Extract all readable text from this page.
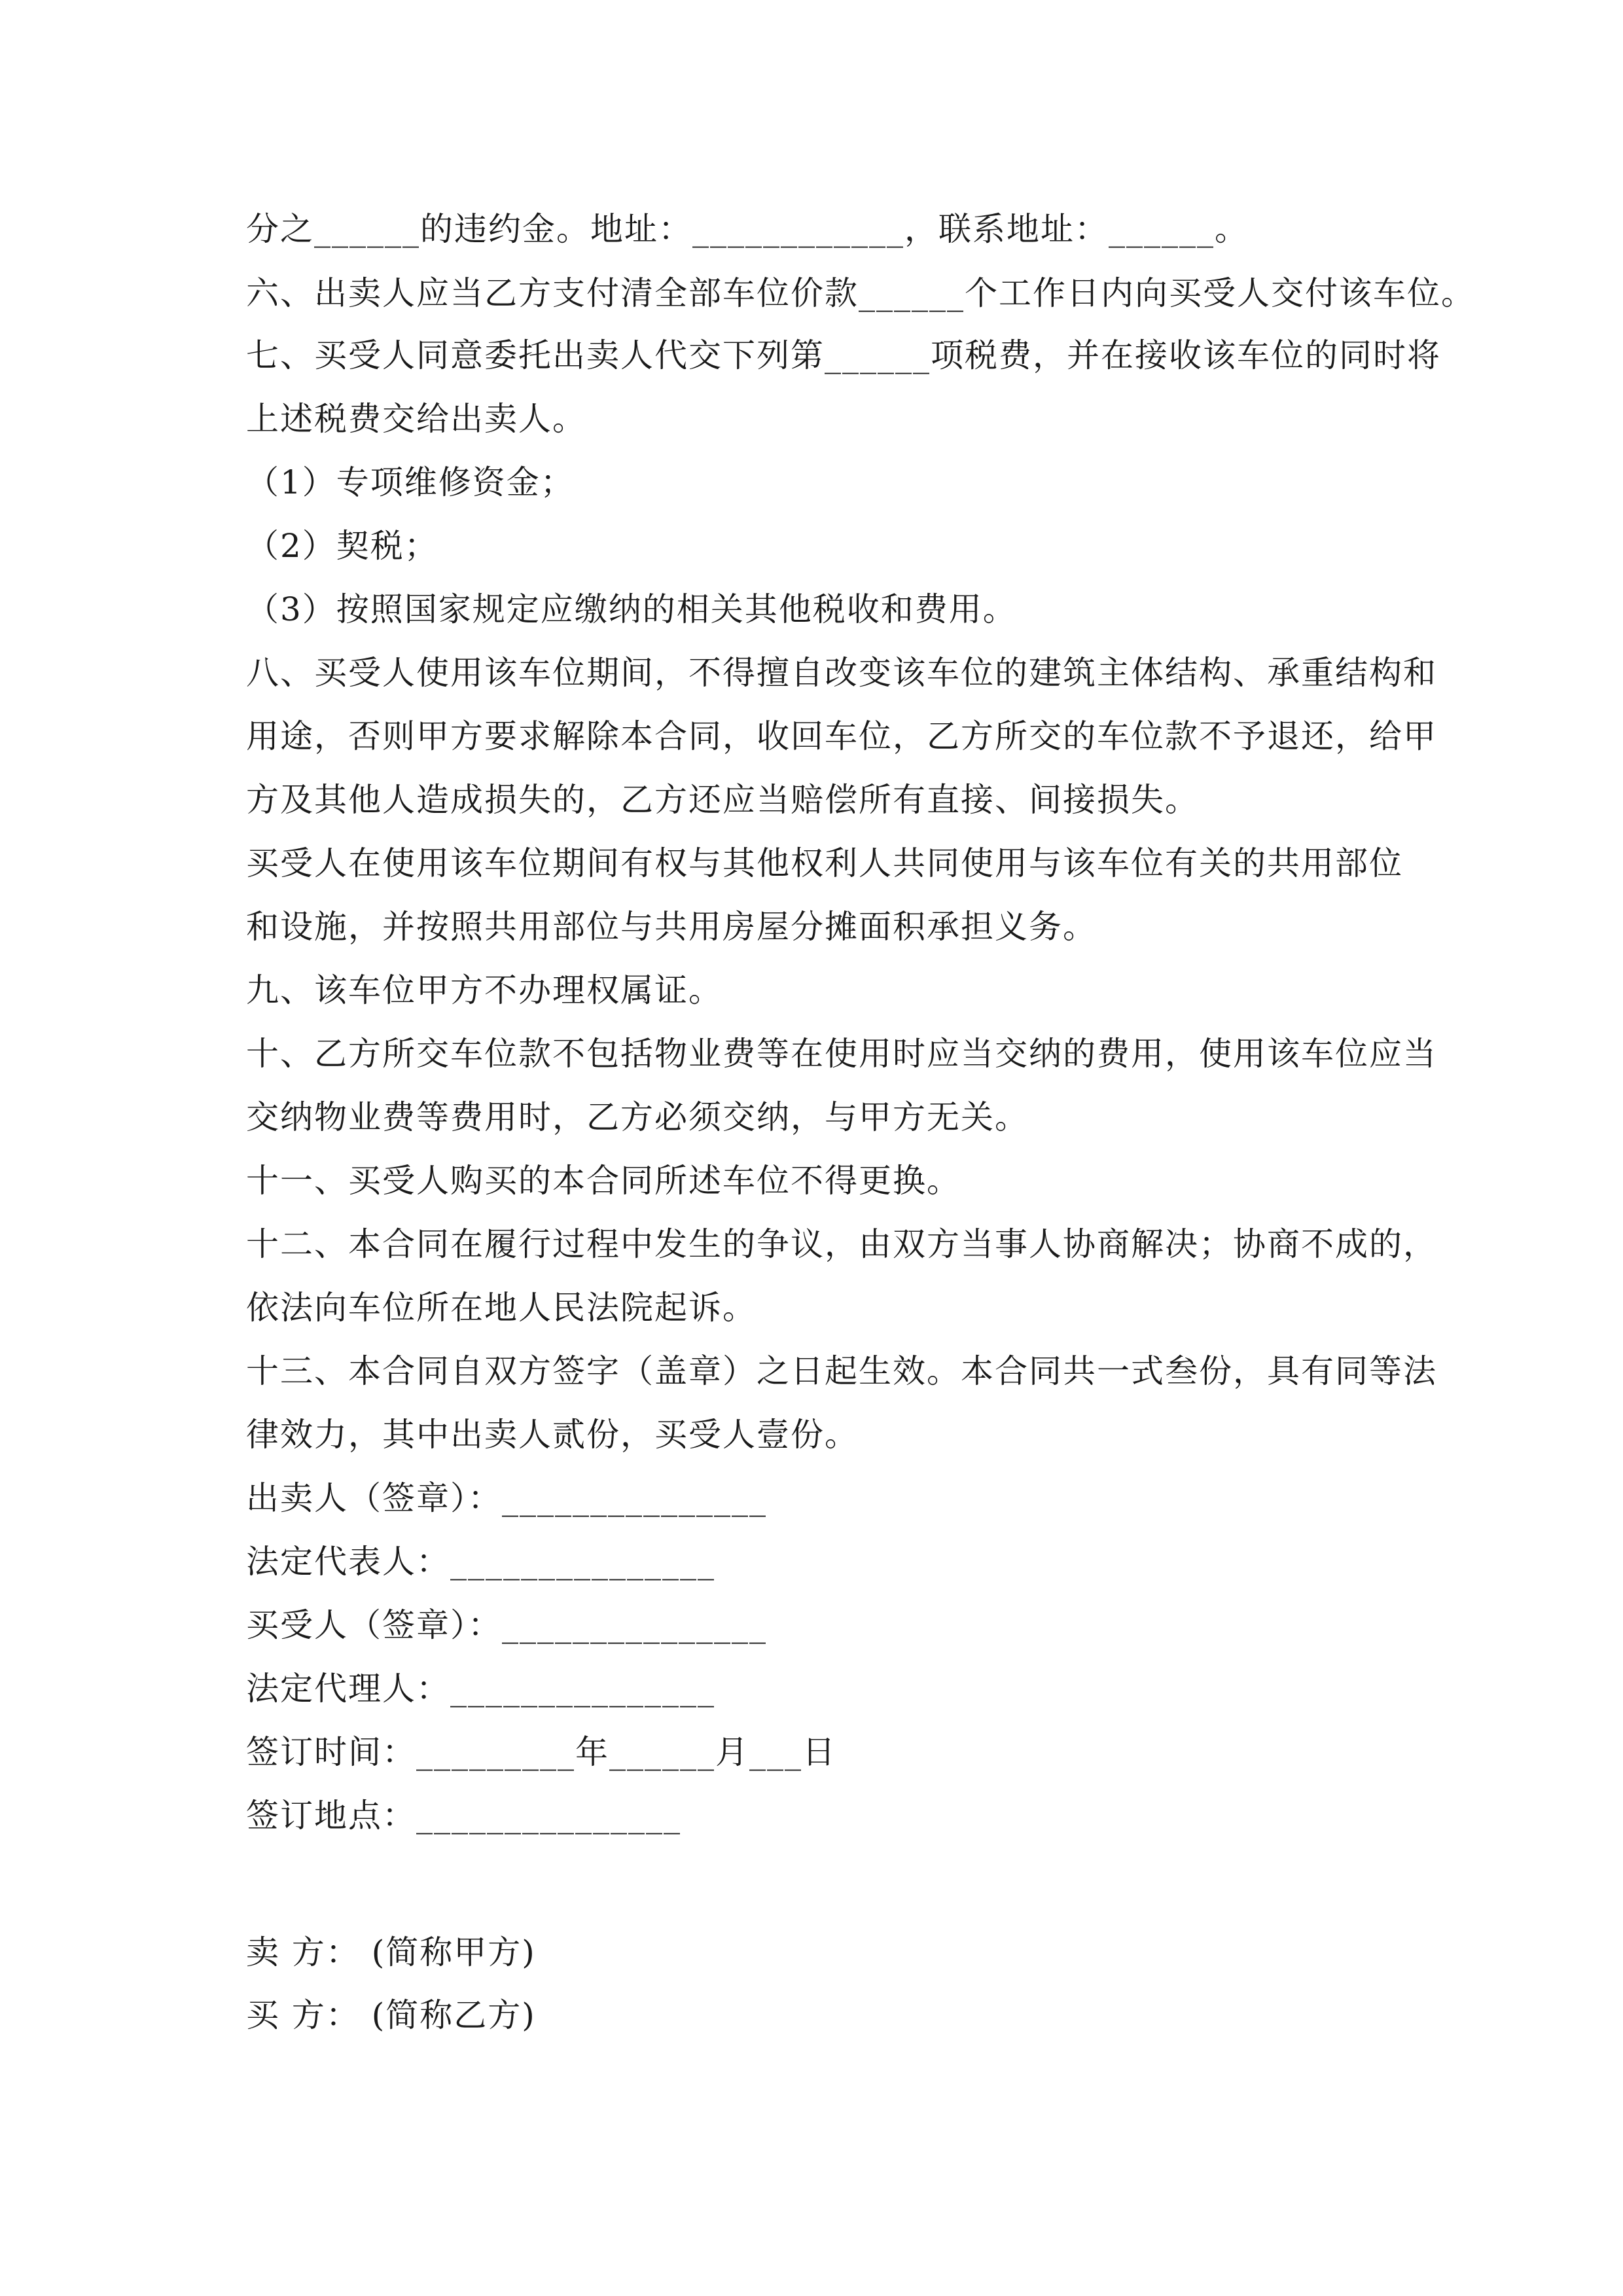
分之______的违约金。地址：____________，联系地址：______。
六、出卖人应当乙方支付清全部车位价款______个工作日内向买受人交付该车位。
七、买受人同意委托出卖人代交下列第______项税费，并在接收该车位的同时将
上述税费交给出卖人。
（1）专项维修资金；
（2）契税；
（3）按照国家规定应缴纳的相关其他税收和费用。
八、买受人使用该车位期间，不得擅自改变该车位的建筑主体结构、承重结构和
用途，否则甲方要求解除本合同，收回车位，乙方所交的车位款不予退还，给甲
方及其他人造成损失的，乙方还应当赔偿所有直接、间接损失。
买受人在使用该车位期间有权与其他权利人共同使用与该车位有关的共用部位
和设施，并按照共用部位与共用房屋分摊面积承担义务。
九、该车位甲方不办理权属证。
十、乙方所交车位款不包括物业费等在使用时应当交纳的费用，使用该车位应当
交纳物业费等费用时，乙方必须交纳，与甲方无关。
十一、买受人购买的本合同所述车位不得更换。
十二、本合同在履行过程中发生的争议，由双方当事人协商解决；协商不成的，
依法向车位所在地人民法院起诉。
十三、本合同自双方签字（盖章）之日起生效。本合同共一式叁份，具有同等法
律效力，其中出卖人贰份，买受人壹份。
出卖人（签章）：_______________
法定代表人：_______________
买受人（签章）：_______________
法定代理人：_______________
签订时间：_________年______月___日
签订地点：_______________
卖 方： (简称甲方)
买 方： (简称乙方)
